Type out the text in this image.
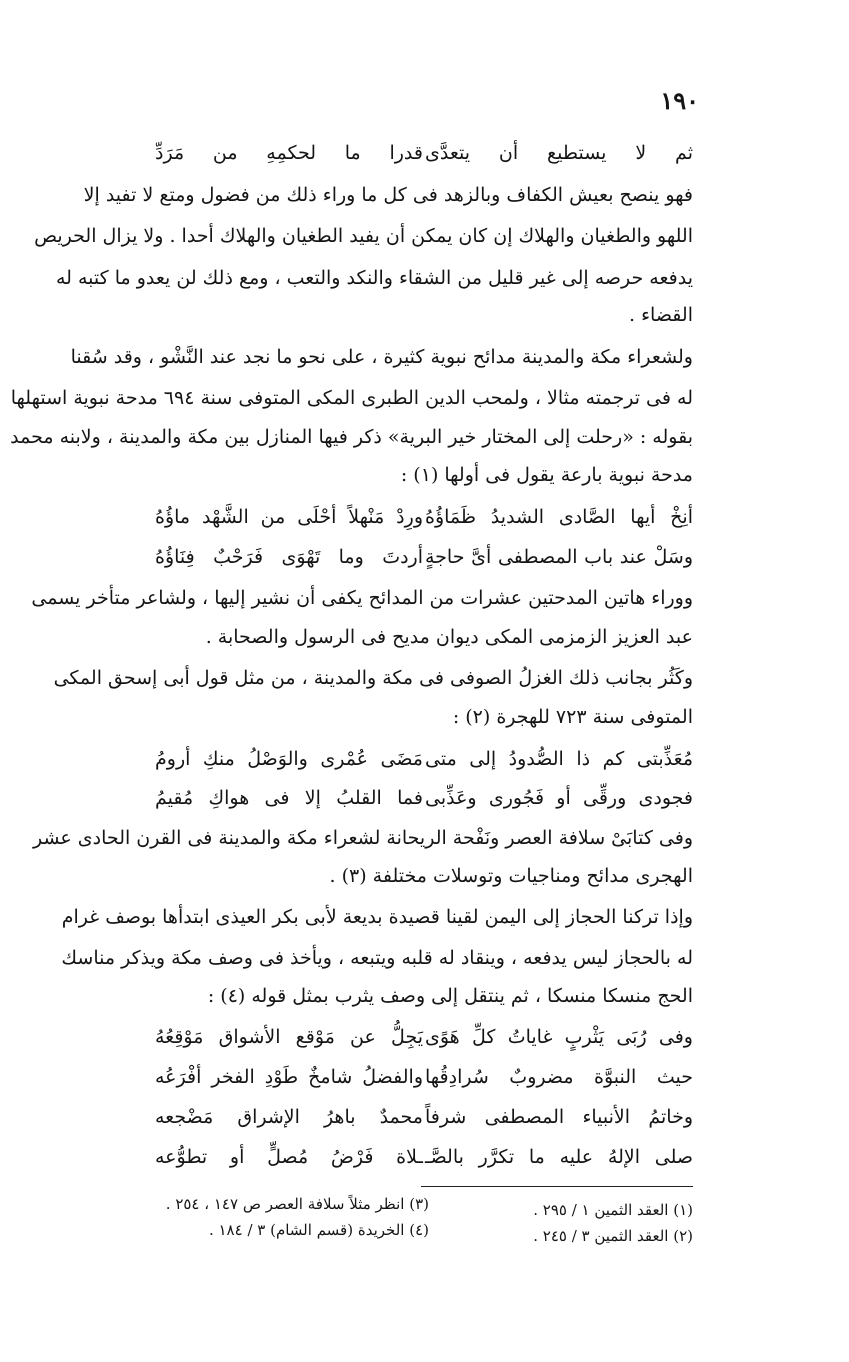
١٩٠
ثم لا يستطيع أن يتعدَّى
قدرا ما لحكمِهِ من مَرَدِّ
فهو ينصح بعيش الكفاف وبالزهد فى كل ما وراء ذلك من فضول ومتع لا تفيد إلا
اللهو والطغيان والهلاك إن كان يمكن أن يفيد الطغيان والهلاك أحدا . ولا يزال الحريص
يدفعه حرصه إلى غير قليل من الشقاء والنكد والتعب ، ومع ذلك لن يعدو ما كتبه له
القضاء .
ولشعراء مكة والمدينة مدائح نبوية كثيرة ، على نحو ما نجد عند النَّشْو ، وقد سُقنا
له فى ترجمته مثالا ، ولمحب الدين الطبرى المكى المتوفى سنة ٦٩٤ مدحة نبوية استهلها
بقوله : «رحلت إلى المختار خير البرية» ذكر فيها المنازل بين مكة والمدينة ، ولابنه محمد
مدحة نبوية بارعة يقول فى أولها (١) :
أنِخْ أيها الصَّادى الشديدُ ظَمَاؤُهُ
ورِدْ مَنْهلاً أحْلَى من الشَّهْد ماؤُهُ
وسَلْ عند باب المصطفى أىَّ حاجةٍ
أردتَ وما تَهْوَى فَرَحْبٌ فِنَاؤُهُ
ووراء هاتين المدحتين عشرات من المدائح يكفى أن نشير إليها ، ولشاعر متأخر يسمى
عبد العزيز الزمزمى المكى ديوان مديح فى الرسول والصحابة .
وكَثُر بجانب ذلك الغزلُ الصوفى فى مكة والمدينة ، من مثل قول أبى إسحق المكى
المتوفى سنة ٧٢٣ للهجرة (٢) :
مُعَذِّبتى كم ذا الصُّدودُ إلى متى
مَضَى عُمْرى والوَصْلُ منكِ أرومُ
فجودى ورقِّى أو فَجُورى وعَذِّبى
فما القلبُ إلا فى هواكِ مُقيمُ
وفى كتابَىْ سلافة العصر ونَفْحة الريحانة لشعراء مكة والمدينة فى القرن الحادى عشر
الهجرى مدائح ومناجيات وتوسلات مختلفة (٣) .
وإذا تركنا الحجاز إلى اليمن لقينا قصيدة بديعة لأبى بكر العيذى ابتدأها بوصف غرام
له بالحجاز ليس يدفعه ، وينقاد له قلبه ويتبعه ، ويأخذ فى وصف مكة ويذكر مناسك
الحج منسكا منسكا ، ثم ينتقل إلى وصف يثرب بمثل قوله (٤) :
وفى رُبَى يَثْربٍ غاياتُ كلِّ هَوًى
يَجِلُّ عن مَوْقع الأشواق مَوْقِعُهُ
حيث النبوَّة مضروبٌ سُرادِقُها
والفضلُ شامخٌ طَوْدِ الفخر أفْرَعُه
وخاتمُ الأنبياء المصطفى شرفاً
محمدٌ باهرُ الإشراق مَضْجعه
صلى الإلهُ عليه ما تكرَّر بالصَّـ
ـلاة فَرْضُ مُصلٍّ أو تطوُّعه
(١) العقد الثمين ١ / ٢٩٥ .
(٢) العقد الثمين ٣ / ٢٤٥ .
(٣) انظر مثلاً سلافة العصر ص ١٤٧ ، ٢٥٤ .
(٤) الخريدة (قسم الشام) ٣ / ١٨٤ .
